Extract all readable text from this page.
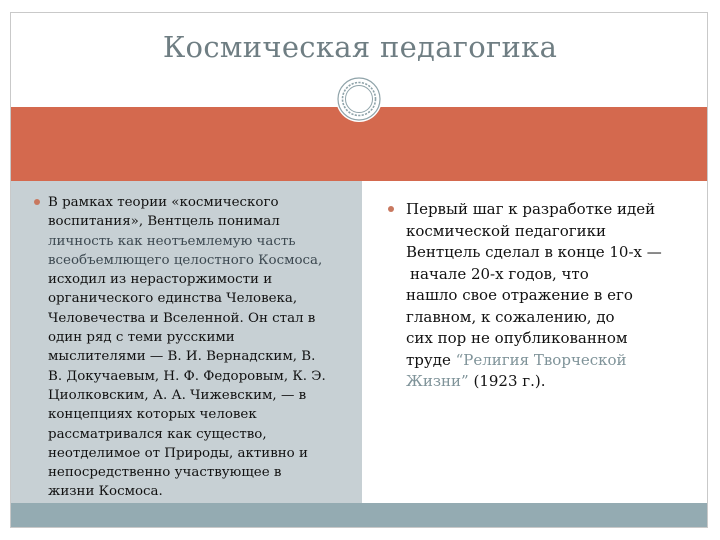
Космическая педагогика
В рамках теории «космического
воспитания», Вентцель понимал
личность как неотъемлемую часть
всеобъемлющего целостного Космоса,
исходил из нерасторжимости и
органического единства Человека,
Человечества и Вселенной. Он стал в
один ряд с теми русскими
мыслителями — В. И. Вернадским, В.
В. Докучаевым, Н. Ф. Федоровым, К. Э.
Циолковским, А. А. Чижевским, — в
концепциях которых человек
рассматривался как существо,
неотделимое от Природы, активно и
непосредственно участвующее в
жизни Космоса.
Первый шаг к разработке идей
космической педагогики
Вентцель сделал в конце 10-х —
начале 20-х годов, что
нашло свое отражение в его
главном, к сожалению, до
сих пор не опубликованном
труде “Религия Творческой
Жизни” (1923 г.).
